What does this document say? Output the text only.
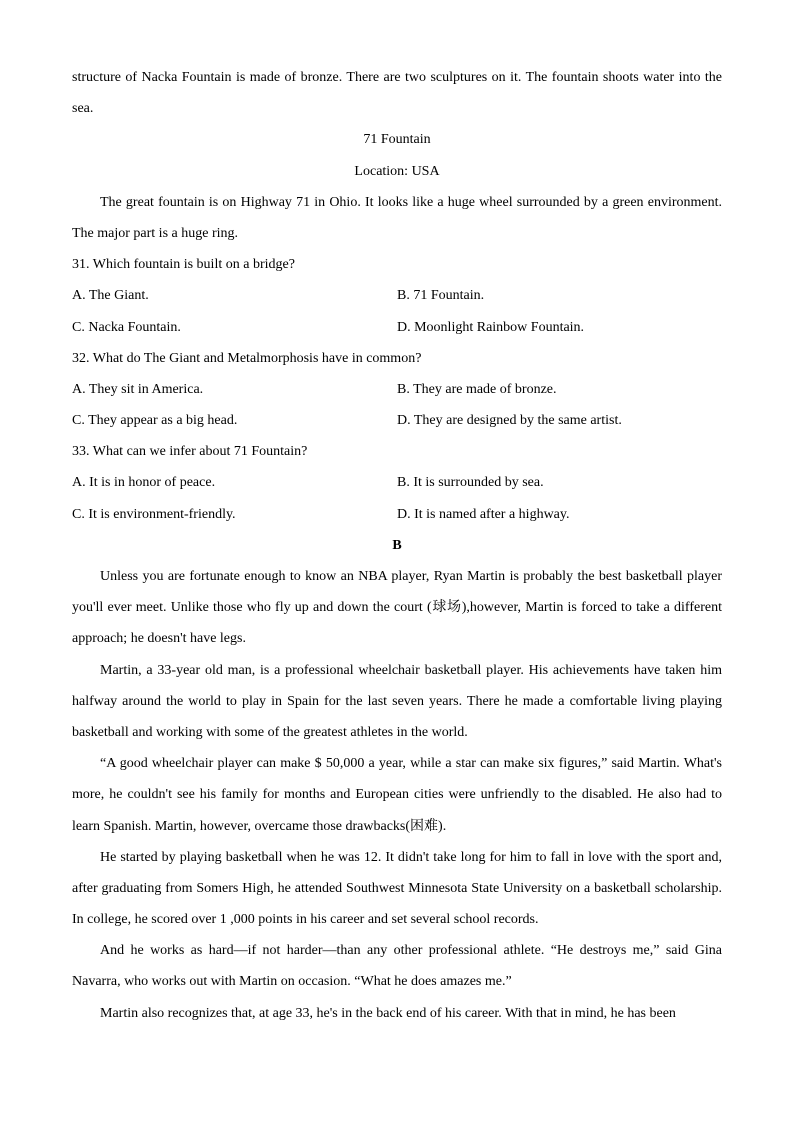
structure of Nacka Fountain is made of bronze. There are two sculptures on it. The fountain shoots water into the
sea.
71 Fountain
Location: USA
The great fountain is on Highway 71 in Ohio. It looks like a huge wheel surrounded by a green environment.
The major part is a huge ring.
31. Which fountain is built on a bridge?
A. The Giant.	B. 71 Fountain.
C. Nacka Fountain.	D. Moonlight Rainbow Fountain.
32. What do The Giant and Metalmorphosis have in common?
A. They sit in America.	B. They are made of bronze.
C. They appear as a big head.	D. They are designed by the same artist.
33. What can we infer about 71 Fountain?
A. It is in honor of peace.	B. It is surrounded by sea.
C. It is environment-friendly.	D. It is named after a highway.
B
Unless you are fortunate enough to know an NBA player, Ryan Martin is probably the best basketball player
you'll ever meet. Unlike those who fly up and down the court (球场),however, Martin is forced to take a different
approach; he doesn't have legs.
Martin, a 33-year old man, is a professional wheelchair basketball player. His achievements have taken him
halfway around the world to play in Spain for the last seven years. There he made a comfortable living playing
basketball and working with some of the greatest athletes in the world.
“A good wheelchair player can make $ 50,000 a year, while a star can make six figures,” said Martin. What's
more, he couldn't see his family for months and European cities were unfriendly to the disabled. He also had to
learn Spanish. Martin, however, overcame those drawbacks(困难).
He started by playing basketball when he was 12. It didn't take long for him to fall in love with the sport and,
after graduating from Somers High, he attended Southwest Minnesota State University on a basketball scholarship.
In college, he scored over 1 ,000 points in his career and set several school records.
And he works as hard—if not harder—than any other professional athlete. “He destroys me,” said Gina
Navarra, who works out with Martin on occasion. “What he does amazes me.”
Martin also recognizes that, at age 33, he's in the back end of his career. With that in mind, he has been
